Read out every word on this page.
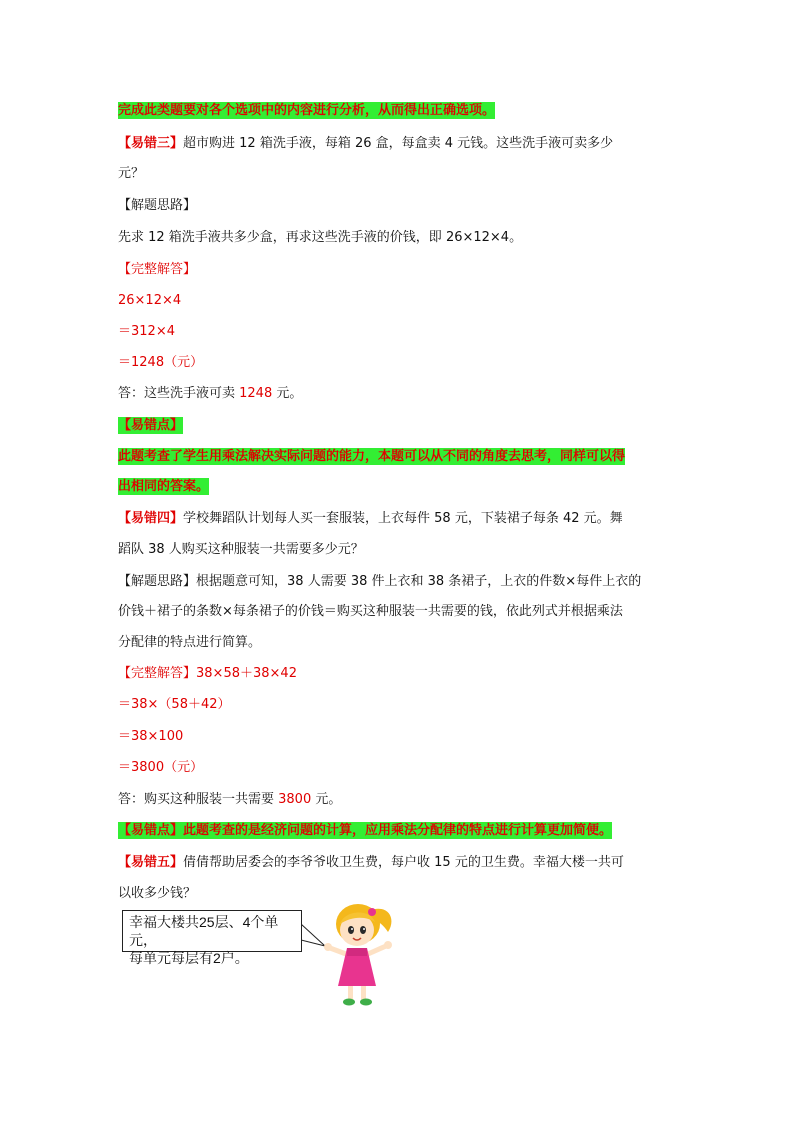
完成此类题要对各个选项中的内容进行分析，从而得出正确选项。
【易错三】超市购进 12 箱洗手液，每箱 26 盒，每盒卖 4 元钱。这些洗手液可卖多少
元？
【解题思路】
先求 12 箱洗手液共多少盒，再求这些洗手液的价钱，即 26×12×4。
【完整解答】
26×12×4
＝312×4
＝1248（元）
答：这些洗手液可卖 1248 元。
【易错点】
此题考查了学生用乘法解决实际问题的能力，本题可以从不同的角度去思考，同样可以得
出相同的答案。
【易错四】学校舞蹈队计划每人买一套服装，上衣每件 58 元，下装裙子每条 42 元。舞
蹈队 38 人购买这种服装一共需要多少元？
【解题思路】根据题意可知，38 人需要 38 件上衣和 38 条裙子，上衣的件数×每件上衣的
价钱＋裙子的条数×每条裙子的价钱＝购买这种服装一共需要的钱，依此列式并根据乘法
分配律的特点进行简算。
【完整解答】38×58＋38×42
＝38×（58＋42）
＝38×100
＝3800（元）
答：购买这种服装一共需要 3800 元。
【易错点】此题考查的是经济问题的计算，应用乘法分配律的特点进行计算更加简便。
【易错五】倩倩帮助居委会的李爷爷收卫生费，每户收 15 元的卫生费。幸福大楼一共可
以收多少钱？
幸福大楼共25层、4个单元，
每单元每层有2户。
